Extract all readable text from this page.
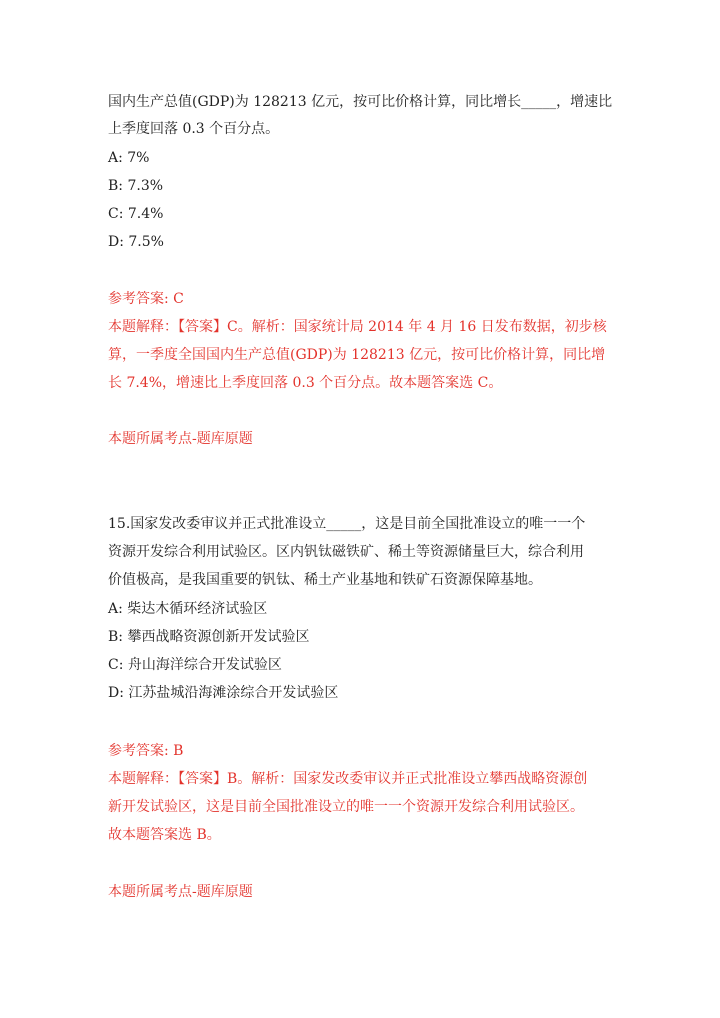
国内生产总值(GDP)为 128213 亿元，按可比价格计算，同比增长_____，增速比
上季度回落 0.3 个百分点。
A: 7%
B: 7.3%
C: 7.4%
D: 7.5%
参考答案: C
本题解释：【答案】C。解析：国家统计局 2014 年 4 月 16 日发布数据，初步核
算，一季度全国国内生产总值(GDP)为 128213 亿元，按可比价格计算，同比增
长 7.4%，增速比上季度回落 0.3 个百分点。故本题答案选 C。
本题所属考点-题库原题
15.国家发改委审议并正式批准设立_____，这是目前全国批准设立的唯一一个
资源开发综合利用试验区。区内钒钛磁铁矿、稀土等资源储量巨大，综合利用
价值极高，是我国重要的钒钛、稀土产业基地和铁矿石资源保障基地。
A: 柴达木循环经济试验区
B: 攀西战略资源创新开发试验区
C: 舟山海洋综合开发试验区
D: 江苏盐城沿海滩涂综合开发试验区
参考答案: B
本题解释：【答案】B。解析：国家发改委审议并正式批准设立攀西战略资源创
新开发试验区，这是目前全国批准设立的唯一一个资源开发综合利用试验区。
故本题答案选 B。
本题所属考点-题库原题
